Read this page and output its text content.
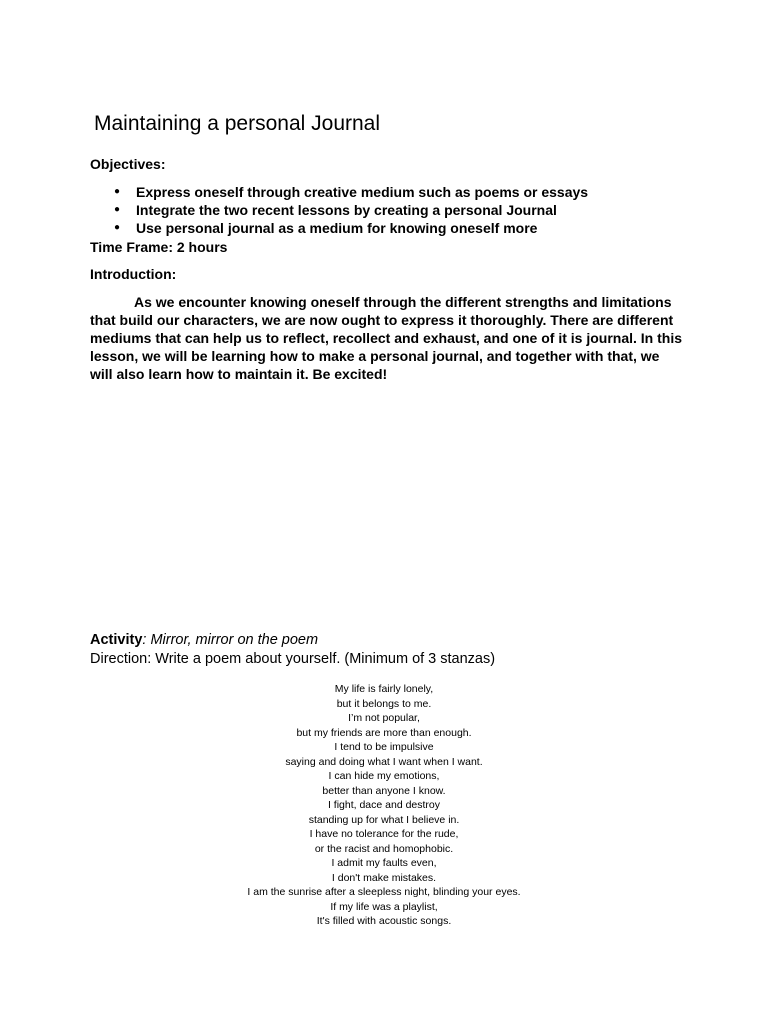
Maintaining a personal Journal
Objectives:
● Express oneself through creative medium such as poems or essays
● Integrate the two recent lessons by creating a personal Journal
● Use personal journal as a medium for knowing oneself more
Time Frame: 2 hours
Introduction:

As we encounter knowing oneself through the different strengths and limitations that build our characters, we are now ought to express it thoroughly. There are different mediums that can help us to reflect, recollect and exhaust, and one of it is journal. In this lesson, we will be learning how to make a personal journal, and together with that, we will also learn how to maintain it. Be excited!

Activity: Mirror, mirror on the poem
Direction: Write a poem about yourself. (Minimum of 3 stanzas)
My life is fairly lonely,
but it belongs to me.
I’m not popular,
but my friends are more than enough.
I tend to be impulsive
saying and doing what I want when I want.
I can hide my emotions,
better than anyone I know.
I fight, dace and destroy
standing up for what I believe in.
I have no tolerance for the rude,
or the racist and homophobic.
I admit my faults even,
I don't make mistakes.
I am the sunrise after a sleepless night, blinding your eyes.
If my life was a playlist,
It's filled with acoustic songs.
